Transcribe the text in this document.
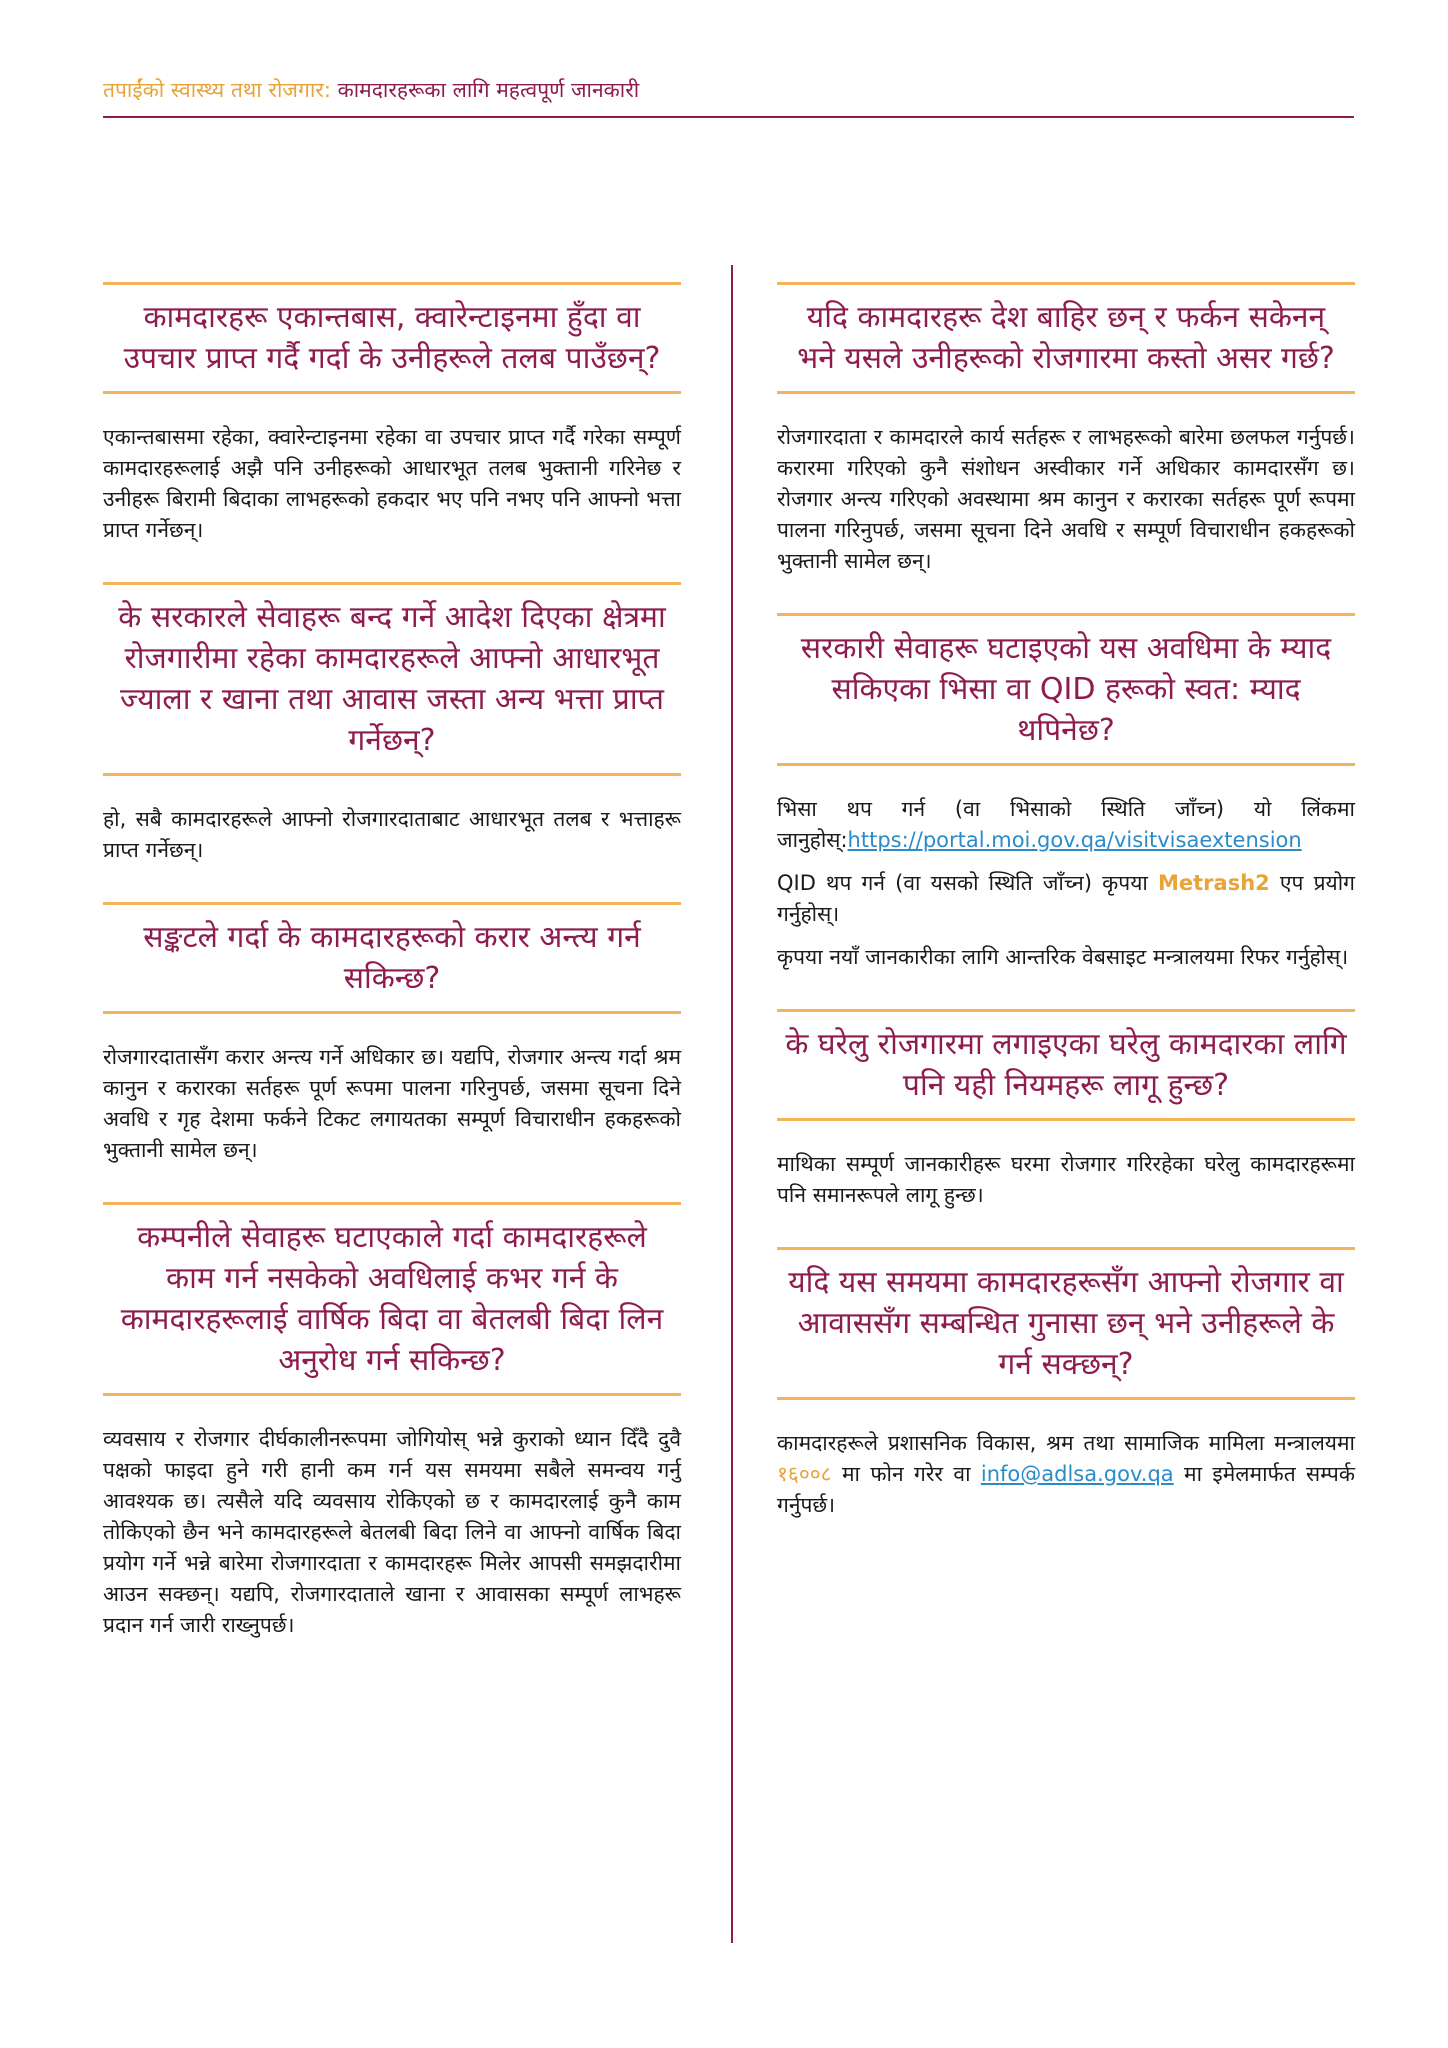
तपाईंको स्वास्थ्य तथा रोजगार: कामदारहरूका लागि महत्वपूर्ण जानकारी
कामदारहरू एकान्तबास, क्वारेन्टाइनमा हुँदा वा उपचार प्राप्त गर्दै गर्दा के उनीहरूले तलब पाउँछन्?

एकान्तबासमा रहेका, क्वारेन्टाइनमा रहेका वा उपचार प्राप्त गर्दै गरेका सम्पूर्ण कामदारहरूलाई अझै पनि उनीहरूको आधारभूत तलब भुक्तानी गरिनेछ र उनीहरू बिरामी बिदाका लाभहरूको हकदार भए पनि नभए पनि आफ्नो भत्ता प्राप्त गर्नेछन्।

के सरकारले सेवाहरू बन्द गर्ने आदेश दिएका क्षेत्रमा रोजगारीमा रहेका कामदारहरूले आफ्नो आधारभूत ज्याला र खाना तथा आवास जस्ता अन्य भत्ता प्राप्त गर्नेछन्?

हो, सबै कामदारहरूले आफ्नो रोजगारदाताबाट आधारभूत तलब र भत्ताहरू प्राप्त गर्नेछन्।

सङ्कटले गर्दा के कामदारहरूको करार अन्त्य गर्न सकिन्छ?

रोजगारदातासँग करार अन्त्य गर्ने अधिकार छ। यद्यपि, रोजगार अन्त्य गर्दा श्रम कानुन र करारका सर्तहरू पूर्ण रूपमा पालना गरिनुपर्छ, जसमा सूचना दिने अवधि र गृह देशमा फर्कने टिकट लगायतका सम्पूर्ण विचाराधीन हकहरूको भुक्तानी सामेल छन्।

कम्पनीले सेवाहरू घटाएकाले गर्दा कामदारहरूले काम गर्न नसकेको अवधिलाई कभर गर्न के कामदारहरूलाई वार्षिक बिदा वा बेतलबी बिदा लिन अनुरोध गर्न सकिन्छ?

व्यवसाय र रोजगार दीर्घकालीनरूपमा जोगियोस् भन्ने कुराको ध्यान दिँदै दुवै पक्षको फाइदा हुने गरी हानी कम गर्न यस समयमा सबैले समन्वय गर्नु आवश्यक छ। त्यसैले यदि व्यवसाय रोकिएको छ र कामदारलाई कुनै काम तोकिएको छैन भने कामदारहरूले बेतलबी बिदा लिने वा आफ्नो वार्षिक बिदा प्रयोग गर्ने भन्ने बारेमा रोजगारदाता र कामदारहरू मिलेर आपसी समझदारीमा आउन सक्छन्। यद्यपि, रोजगारदाताले खाना र आवासका सम्पूर्ण लाभहरू प्रदान गर्न जारी राख्नुपर्छ।

यदि कामदारहरू देश बाहिर छन् र फर्कन सकेनन् भने यसले उनीहरूको रोजगारमा कस्तो असर गर्छ?

रोजगारदाता र कामदारले कार्य सर्तहरू र लाभहरूको बारेमा छलफल गर्नुपर्छ। करारमा गरिएको कुनै संशोधन अस्वीकार गर्ने अधिकार कामदारसँग छ। रोजगार अन्त्य गरिएको अवस्थामा श्रम कानुन र करारका सर्तहरू पूर्ण रूपमा पालना गरिनुपर्छ, जसमा सूचना दिने अवधि र सम्पूर्ण विचाराधीन हकहरूको भुक्तानी सामेल छन्।

सरकारी सेवाहरू घटाइएको यस अवधिमा के म्याद सकिएका भिसा वा QID हरूको स्वत: म्याद थपिनेछ?

भिसा थप गर्न (वा भिसाको स्थिति जाँच्न) यो लिंकमा जानुहोस्:https://portal.moi.gov.qa/visitvisaextension

QID थप गर्न (वा यसको स्थिति जाँच्न) कृपया Metrash2 एप प्रयोग गर्नुहोस्।

कृपया नयाँ जानकारीका लागि आन्तरिक वेबसाइट मन्त्रालयमा रिफर गर्नुहोस्।

के घरेलु रोजगारमा लगाइएका घरेलु कामदारका लागि पनि यही नियमहरू लागू हुन्छ?

माथिका सम्पूर्ण जानकारीहरू घरमा रोजगार गरिरहेका घरेलु कामदारहरूमा पनि समानरूपले लागू हुन्छ।

यदि यस समयमा कामदारहरूसँग आफ्नो रोजगार वा आवाससँग सम्बन्धित गुनासा छन् भने उनीहरूले के गर्न सक्छन्?

कामदारहरूले प्रशासनिक विकास, श्रम तथा सामाजिक मामिला मन्त्रालयमा १६००८ मा फोन गरेर वा info@adlsa.gov.qa मा इमेलमार्फत सम्पर्क गर्नुपर्छ।
